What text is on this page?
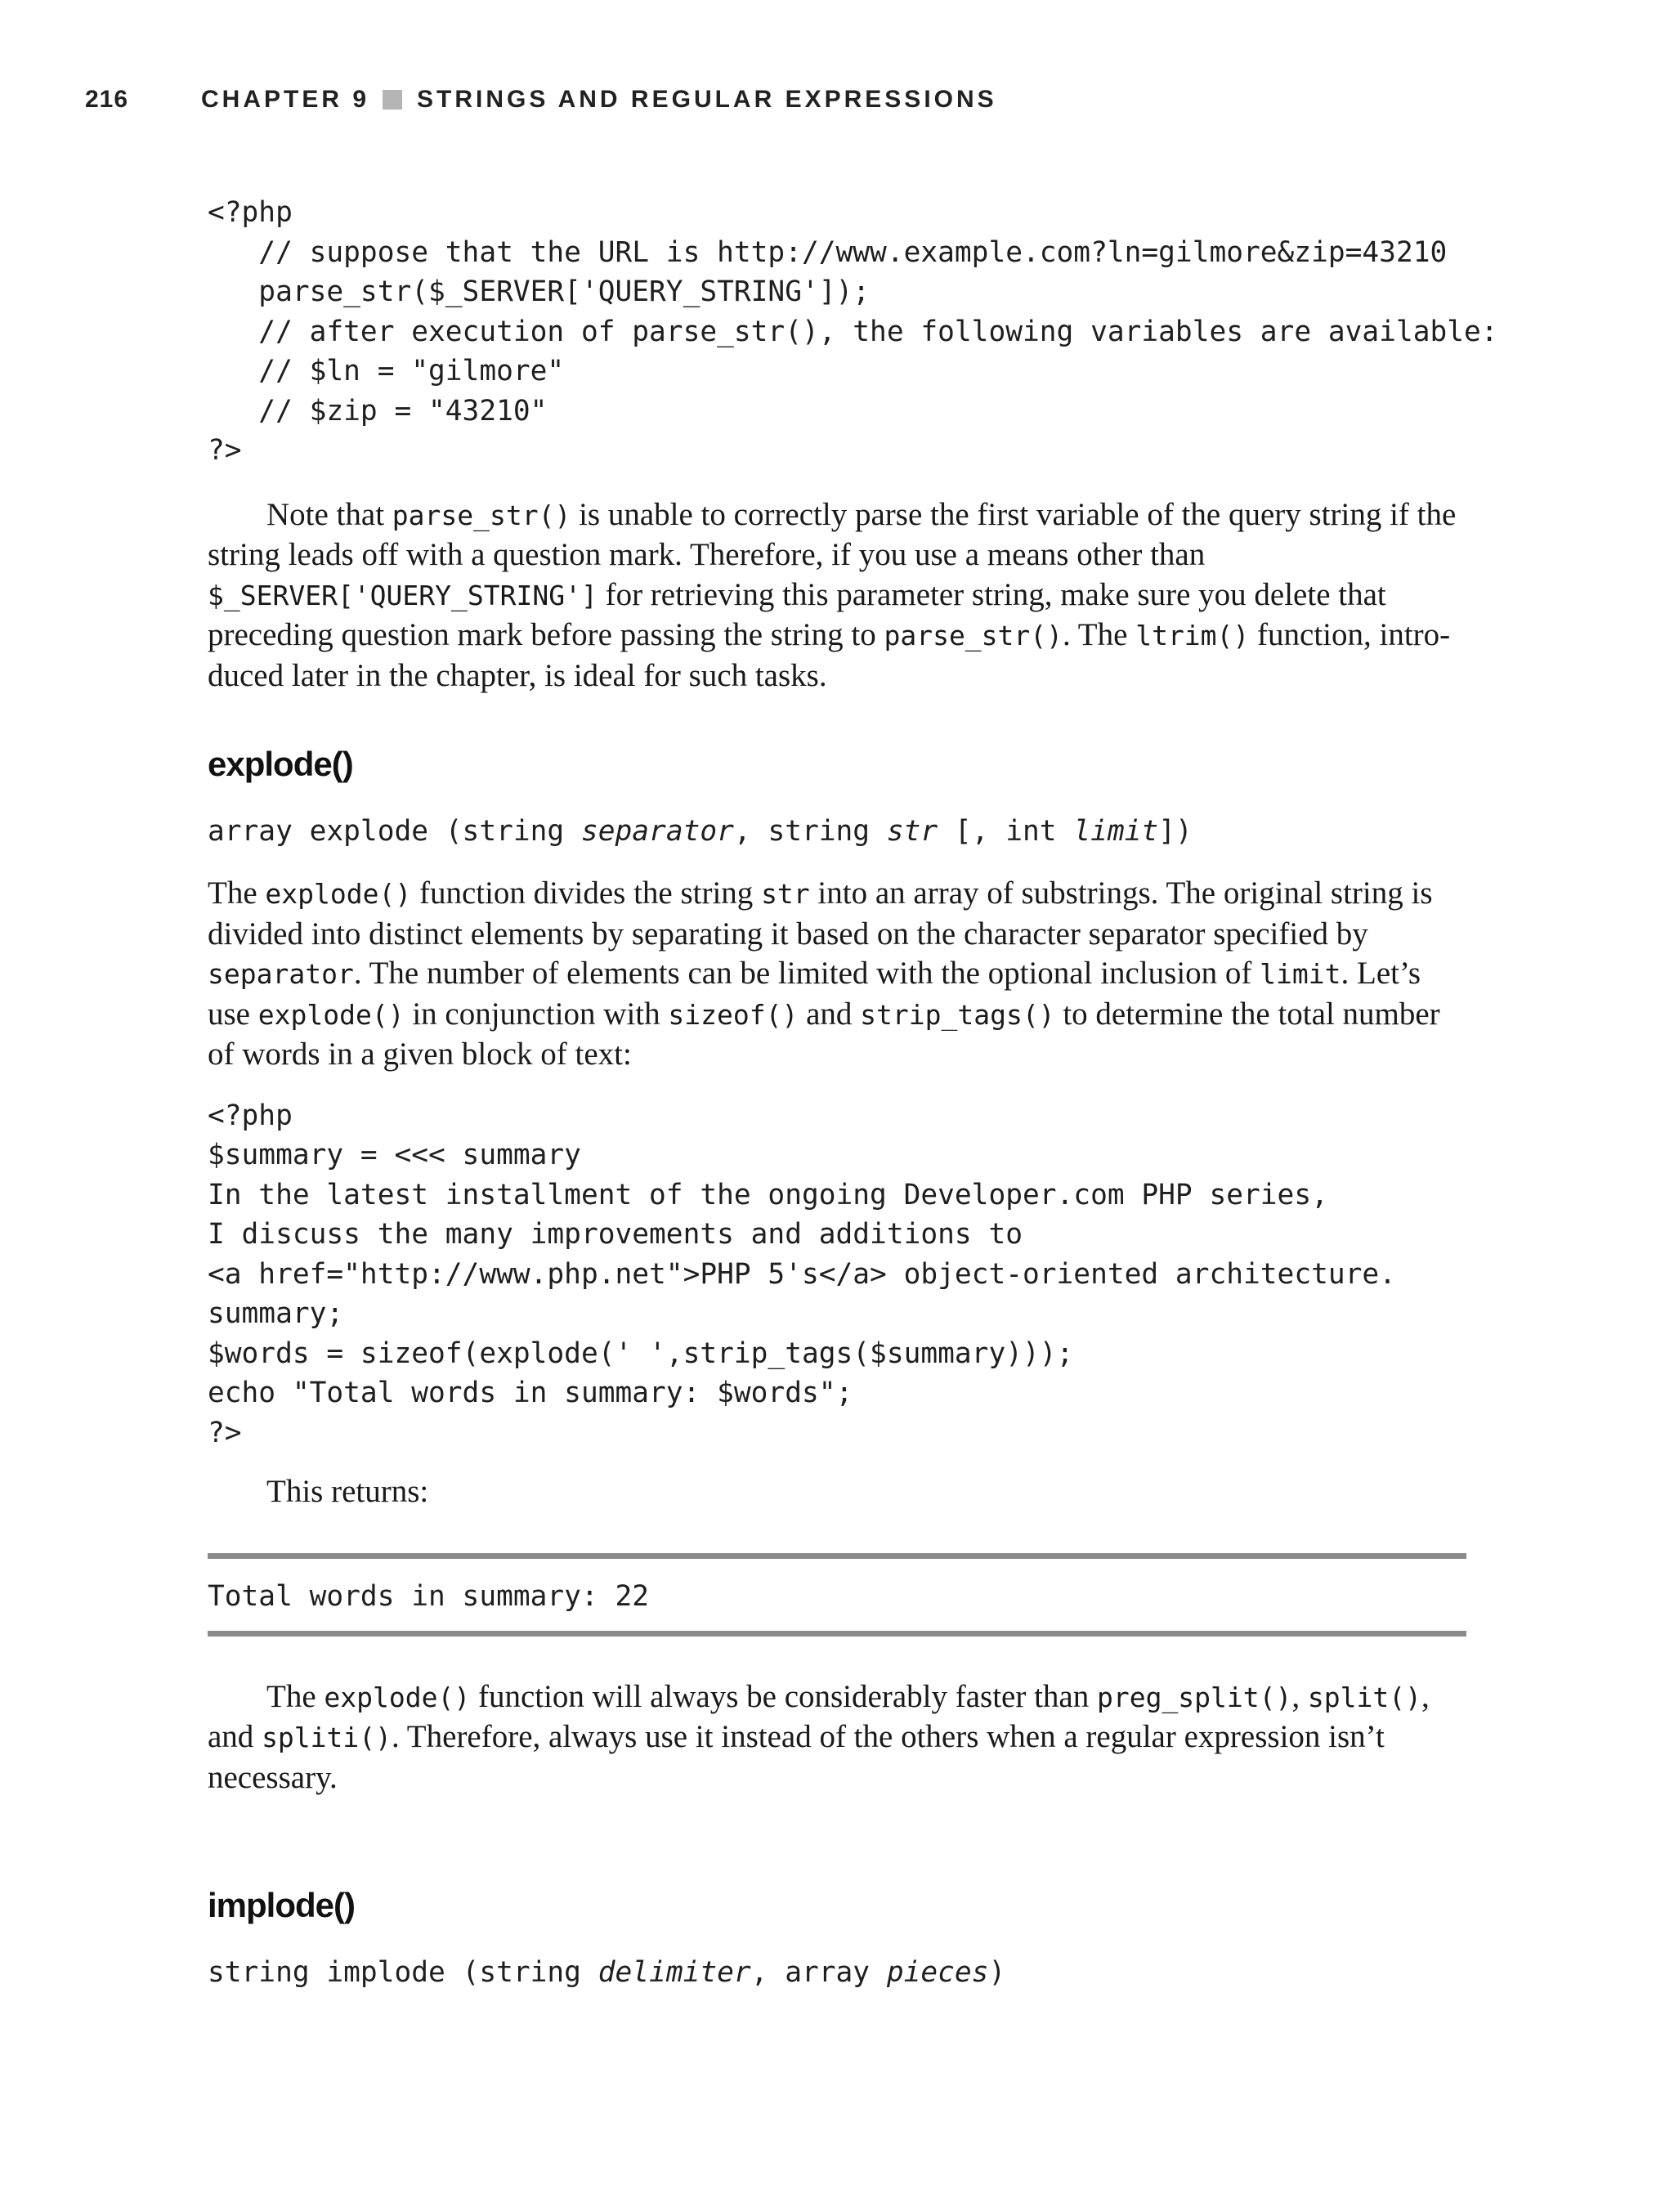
216	CHAPTER 9 STRINGS AND REGULAR EXPRESSIONS
<?php
// suppose that the URL is http://www.example.com?ln=gilmore&zip=43210
parse_str($_SERVER['QUERY_STRING']);
// after execution of parse_str(), the following variables are available:
// $ln = "gilmore"
// $zip = "43210"
?>

Note that parse_str() is unable to correctly parse the first variable of the query string if the string leads off with a question mark. Therefore, if you use a means other than $_SERVER['QUERY_STRING'] for retrieving this parameter string, make sure you delete that preceding question mark before passing the string to parse_str(). The ltrim() function, intro-duced later in the chapter, is ideal for such tasks.

explode()

array explode (string separator, string str [, int limit])

The explode() function divides the string str into an array of substrings. The original string is divided into distinct elements by separating it based on the character separator specified by separator. The number of elements can be limited with the optional inclusion of limit. Let’s use explode() in conjunction with sizeof() and strip_tags() to determine the total number of words in a given block of text:

<?php
$summary = <<< summary
In the latest installment of the ongoing Developer.com PHP series,
I discuss the many improvements and additions to
<a href="http://www.php.net">PHP 5's</a> object-oriented architecture.
summary;
$words = sizeof(explode(' ',strip_tags($summary)));
echo "Total words in summary: $words";
?>

This returns:

Total words in summary: 22

The explode() function will always be considerably faster than preg_split(), split(), and spliti(). Therefore, always use it instead of the others when a regular expression isn’t necessary.

implode()

string implode (string delimiter, array pieces)
